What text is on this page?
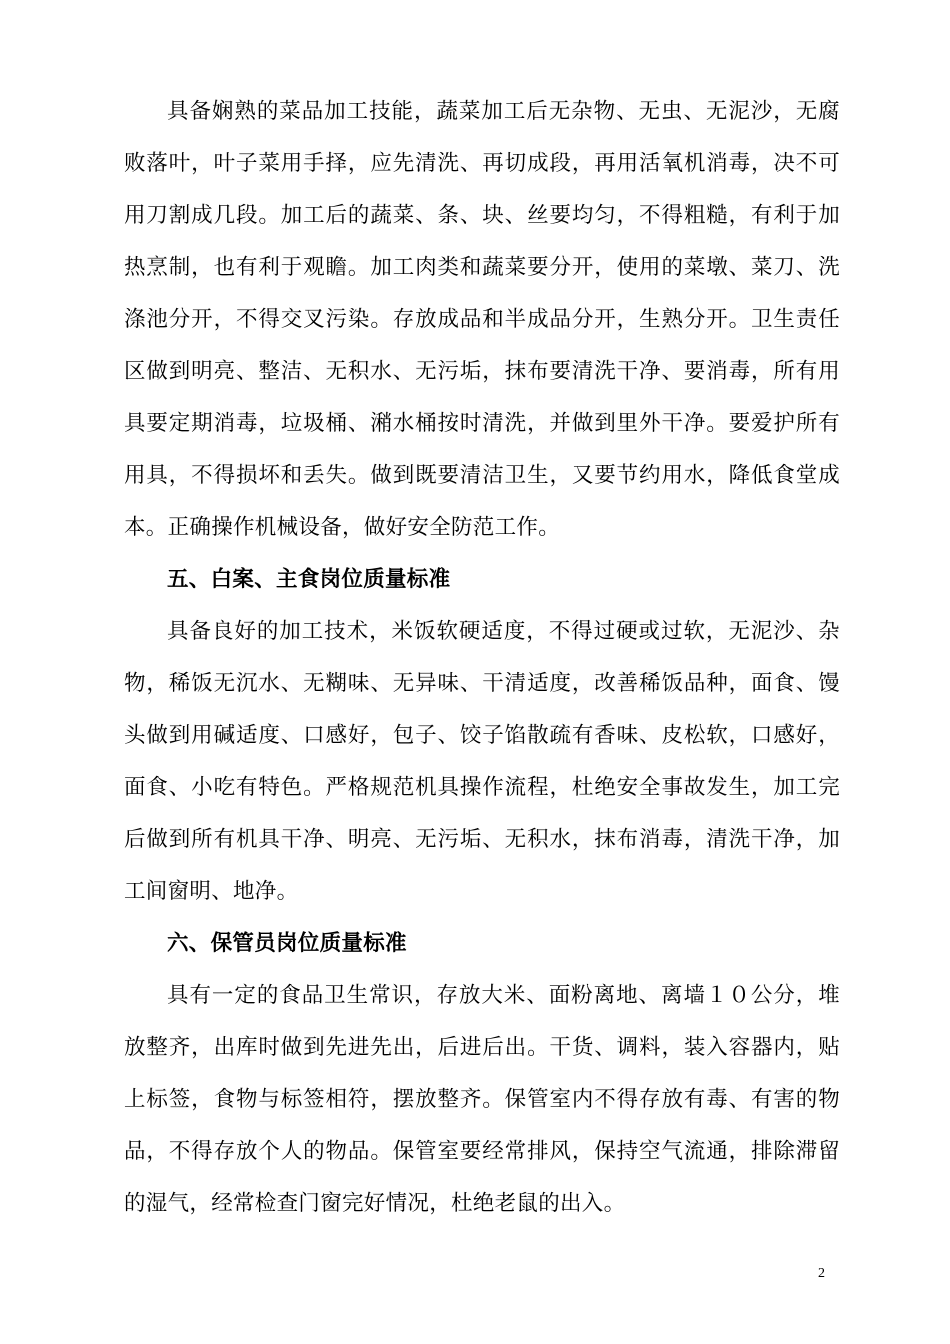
具备娴熟的菜品加工技能，蔬菜加工后无杂物、无虫、无泥沙，无腐败落叶，叶子菜用手择，应先清洗、再切成段，再用活氧机消毒，决不可用刀割成几段。加工后的蔬菜、条、块、丝要均匀，不得粗糙，有利于加热烹制，也有利于观瞻。加工肉类和蔬菜要分开，使用的菜墩、菜刀、洗涤池分开，不得交叉污染。存放成品和半成品分开，生熟分开。卫生责任区做到明亮、整洁、无积水、无污垢，抹布要清洗干净、要消毒，所有用具要定期消毒，垃圾桶、潲水桶按时清洗，并做到里外干净。要爱护所有用具，不得损坏和丢失。做到既要清洁卫生，又要节约用水，降低食堂成本。正确操作机械设备，做好安全防范工作。

五、白案、主食岗位质量标准

具备良好的加工技术，米饭软硬适度，不得过硬或过软，无泥沙、杂物，稀饭无沉水、无糊味、无异味、干清适度，改善稀饭品种，面食、馒头做到用碱适度、口感好，包子、饺子馅散疏有香味、皮松软，口感好，面食、小吃有特色。严格规范机具操作流程，杜绝安全事故发生，加工完后做到所有机具干净、明亮、无污垢、无积水，抹布消毒，清洗干净，加工间窗明、地净。

六、保管员岗位质量标准

具有一定的食品卫生常识，存放大米、面粉离地、离墙１０公分，堆放整齐，出库时做到先进先出，后进后出。干货、调料，装入容器内，贴上标签，食物与标签相符，摆放整齐。保管室内不得存放有毒、有害的物品，不得存放个人的物品。保管室要经常排风，保持空气流通，排除滞留的湿气，经常检查门窗完好情况，杜绝老鼠的出入。

2
